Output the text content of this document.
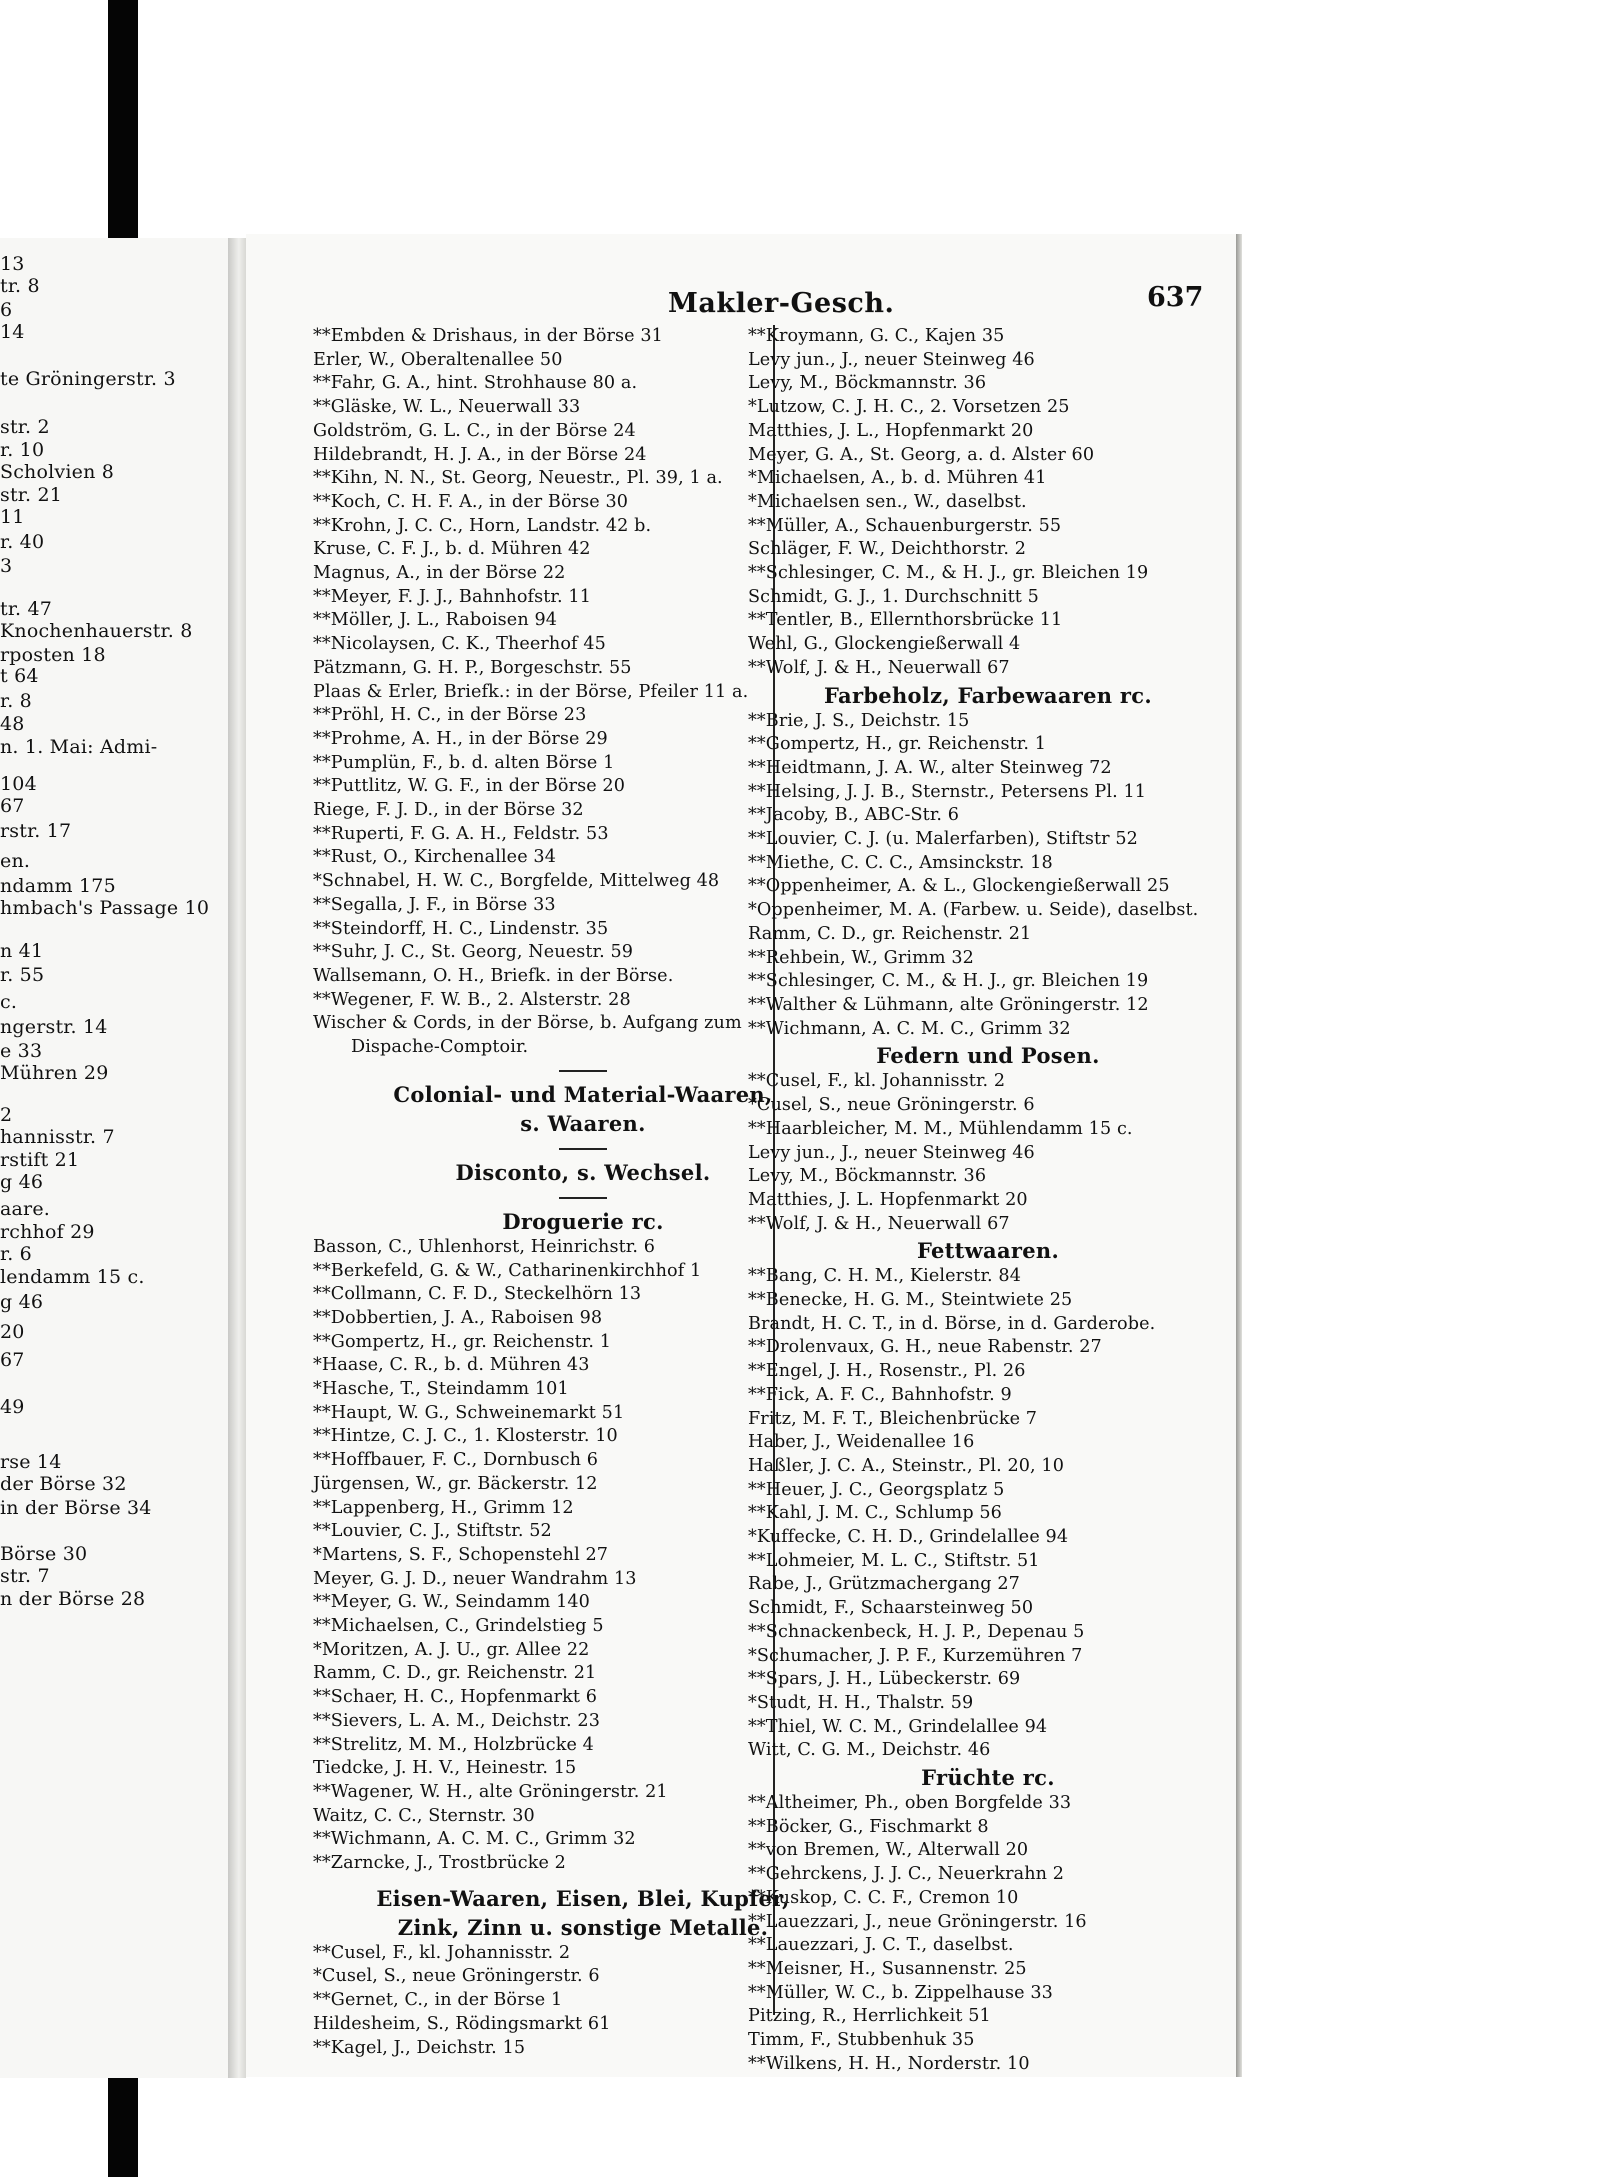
13
tr. 8
6
14
te Gröningerstr. 3
str. 2
r. 10
Scholvien 8
str. 21
11
r. 40
3
tr. 47
Knochenhauerstr. 8
rposten 18
t 64
r. 8
48
n. 1. Mai: Admi-
104
67
rstr. 17
en.
ndamm 175
hmbach's Passage 10
n 41
r. 55
c.
ngerstr. 14
e 33
Mühren 29
2
hannisstr. 7
rstift 21
g 46
aare.
rchhof 29
r. 6
lendamm 15 c.
g 46
20
67
49
rse 14
der Börse 32
in der Börse 34
Börse 30
str. 7
n der Börse 28
Makler-Gesch.	637
**Embden & Drishaus, in der Börse 31
Erler, W., Oberaltenallee 50
**Fahr, G. A., hint. Strohhause 80 a.
**Gläske, W. L., Neuerwall 33
Goldström, G. L. C., in der Börse 24
Hildebrandt, H. J. A., in der Börse 24
**Kihn, N. N., St. Georg, Neuestr., Pl. 39, 1 a.
**Koch, C. H. F. A., in der Börse 30
**Krohn, J. C. C., Horn, Landstr. 42 b.
Kruse, C. F. J., b. d. Mühren 42
Magnus, A., in der Börse 22
**Meyer, F. J. J., Bahnhofstr. 11
**Möller, J. L., Raboisen 94
**Nicolaysen, C. K., Theerhof 45
Pätzmann, G. H. P., Borgeschstr. 55
Plaas & Erler, Briefk.: in der Börse, Pfeiler 11 a.
**Pröhl, H. C., in der Börse 23
**Prohme, A. H., in der Börse 29
**Pumplün, F., b. d. alten Börse 1
**Puttlitz, W. G. F., in der Börse 20
Riege, F. J. D., in der Börse 32
**Ruperti, F. G. A. H., Feldstr. 53
**Rust, O., Kirchenallee 34
*Schnabel, H. W. C., Borgfelde, Mittelweg 48
**Segalla, J. F., in Börse 33
**Steindorff, H. C., Lindenstr. 35
**Suhr, J. C., St. Georg, Neuestr. 59
Wallsemann, O. H., Briefk. in der Börse.
**Wegener, F. W. B., 2. Alsterstr. 28
Wischer & Cords, in der Börse, b. Aufgang zum
Dispache-Comptoir.
Colonial- und Material-Waaren,
s. Waaren.
Disconto, s. Wechsel.
Droguerie rc.
Basson, C., Uhlenhorst, Heinrichstr. 6
**Berkefeld, G. & W., Catharinenkirchhof 1
**Collmann, C. F. D., Steckelhörn 13
**Dobbertien, J. A., Raboisen 98
**Gompertz, H., gr. Reichenstr. 1
*Haase, C. R., b. d. Mühren 43
*Hasche, T., Steindamm 101
**Haupt, W. G., Schweinemarkt 51
**Hintze, C. J. C., 1. Klosterstr. 10
**Hoffbauer, F. C., Dornbusch 6
Jürgensen, W., gr. Bäckerstr. 12
**Lappenberg, H., Grimm 12
**Louvier, C. J., Stiftstr. 52
*Martens, S. F., Schopenstehl 27
Meyer, G. J. D., neuer Wandrahm 13
**Meyer, G. W., Seindamm 140
**Michaelsen, C., Grindelstieg 5
*Moritzen, A. J. U., gr. Allee 22
Ramm, C. D., gr. Reichenstr. 21
**Schaer, H. C., Hopfenmarkt 6
**Sievers, L. A. M., Deichstr. 23
**Strelitz, M. M., Holzbrücke 4
Tiedcke, J. H. V., Heinestr. 15
**Wagener, W. H., alte Gröningerstr. 21
Waitz, C. C., Sternstr. 30
**Wichmann, A. C. M. C., Grimm 32
**Zarncke, J., Trostbrücke 2
Eisen-Waaren, Eisen, Blei, Kupfer,
Zink, Zinn u. sonstige Metalle.
**Cusel, F., kl. Johannisstr. 2
*Cusel, S., neue Gröningerstr. 6
**Gernet, C., in der Börse 1
Hildesheim, S., Rödingsmarkt 61
**Kagel, J., Deichstr. 15
**Kroymann, G. C., Kajen 35
Levy jun., J., neuer Steinweg 46
Levy, M., Böckmannstr. 36
*Lutzow, C. J. H. C., 2. Vorsetzen 25
Matthies, J. L., Hopfenmarkt 20
Meyer, G. A., St. Georg, a. d. Alster 60
*Michaelsen, A., b. d. Mühren 41
*Michaelsen sen., W., daselbst.
**Müller, A., Schauenburgerstr. 55
Schläger, F. W., Deichthorstr. 2
**Schlesinger, C. M., & H. J., gr. Bleichen 19
Schmidt, G. J., 1. Durchschnitt 5
**Tentler, B., Ellernthorsbrücke 11
Wehl, G., Glockengießerwall 4
**Wolf, J. & H., Neuerwall 67
Farbeholz, Farbewaaren rc.
**Brie, J. S., Deichstr. 15
**Gompertz, H., gr. Reichenstr. 1
**Heidtmann, J. A. W., alter Steinweg 72
**Helsing, J. J. B., Sternstr., Petersens Pl. 11
**Jacoby, B., ABC-Str. 6
**Louvier, C. J. (u. Malerfarben), Stiftstr 52
**Miethe, C. C. C., Amsinckstr. 18
**Oppenheimer, A. & L., Glockengießerwall 25
*Oppenheimer, M. A. (Farbew. u. Seide), daselbst.
Ramm, C. D., gr. Reichenstr. 21
**Rehbein, W., Grimm 32
**Schlesinger, C. M., & H. J., gr. Bleichen 19
**Walther & Lühmann, alte Gröningerstr. 12
**Wichmann, A. C. M. C., Grimm 32
Federn und Posen.
**Cusel, F., kl. Johannisstr. 2
*Cusel, S., neue Gröningerstr. 6
**Haarbleicher, M. M., Mühlendamm 15 c.
Levy jun., J., neuer Steinweg 46
Levy, M., Böckmannstr. 36
Matthies, J. L. Hopfenmarkt 20
**Wolf, J. & H., Neuerwall 67
Fettwaaren.
**Bang, C. H. M., Kielerstr. 84
**Benecke, H. G. M., Steintwiete 25
Brandt, H. C. T., in d. Börse, in d. Garderobe.
**Drolenvaux, G. H., neue Rabenstr. 27
**Engel, J. H., Rosenstr., Pl. 26
**Fick, A. F. C., Bahnhofstr. 9
Fritz, M. F. T., Bleichenbrücke 7
Haber, J., Weidenallee 16
Haßler, J. C. A., Steinstr., Pl. 20, 10
**Heuer, J. C., Georgsplatz 5
**Kahl, J. M. C., Schlump 56
*Kuffecke, C. H. D., Grindelallee 94
**Lohmeier, M. L. C., Stiftstr. 51
Rabe, J., Grützmachergang 27
Schmidt, F., Schaarsteinweg 50
**Schnackenbeck, H. J. P., Depenau 5
*Schumacher, J. P. F., Kurzemühren 7
**Spars, J. H., Lübeckerstr. 69
*Studt, H. H., Thalstr. 59
**Thiel, W. C. M., Grindelallee 94
Witt, C. G. M., Deichstr. 46
Früchte rc.
**Altheimer, Ph., oben Borgfelde 33
**Böcker, G., Fischmarkt 8
**von Bremen, W., Alterwall 20
**Gehrckens, J. J. C., Neuerkrahn 2
**Kuskop, C. C. F., Cremon 10
**Lauezzari, J., neue Gröningerstr. 16
**Lauezzari, J. C. T., daselbst.
**Meisner, H., Susannenstr. 25
**Müller, W. C., b. Zippelhause 33
Pitzing, R., Herrlichkeit 51
Timm, F., Stubbenhuk 35
**Wilkens, H. H., Norderstr. 10
